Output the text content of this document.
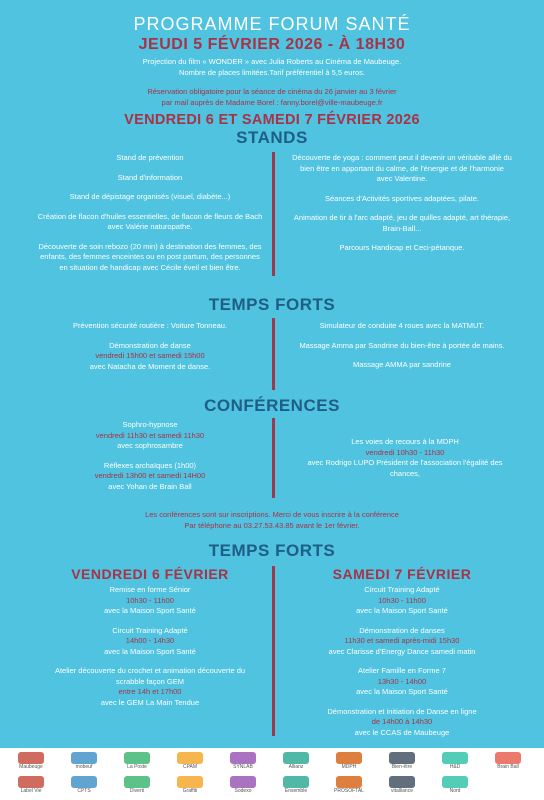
PROGRAMME FORUM SANTÉ
JEUDI 5 FÉVRIER 2026 - À 18H30
Projection du film « WONDER » avec Julia Roberts au Cinéma de Maubeuge.
Nombre de places limitées.Tarif préférentiel à 5,5 euros.
Réservation obligatoire pour la séance de cinéma du 26 janvier au 3 février
par mail auprès de Madame Borel : fanny.borel@ville-maubeuge.fr
VENDREDI 6 ET SAMEDI 7 FÉVRIER 2026
STANDS

Stand de prévention

Stand d'information

Stand de dépistage organisés (visuel, diabète...)

Création de flacon d'huiles essentielles, de flacon de fleurs de Bach avec Valérie naturopathe.

Découverte de soin rebozo (20 min) à destination des femmes, des enfants, des femmes enceintes ou en post partum, des personnes en situation de handicap avec Cécile éveil et bien être.

Découverte de yoga : comment peut il devenir un véritable allié du bien être en apportant du calme, de l'énergie et de l'harmonie avec Valentine.

Séances d'Activités sportives adaptées, pilate.

Animation de tir à l'arc adapté, jeu de quilles adapté, art thérapie, Brain-Ball...

Parcours Handicap et Ceci-pétanque.

TEMPS FORTS

Prévention sécurité routière : Voiture Tonneau.

Démonstration de danse
vendredi 15h00 et samedi 15h00
avec Natacha de Moment de danse.

Simulateur de conduite 4 roues avec la MATMUT.

Massage Amma par Sandrine du bien-être à portée de mains.

Massage AMMA par sandrine

CONFÉRENCES
Sophro-hypnose
vendredi 11h30 et samedi 11h30
avec sophrosambre
Réflexes archaïques (1h00)
vendredi 13h00 et samedi 14H00
avec Yohan de Brain Ball
Les voies de recours à la MDPH
vendredi 10h30 - 11h30
avec Rodrigo LUPO Président de l'association l'égalité des chances,
Les conférences sont sur inscriptions. Merci de vous inscrire à la conférence
Par téléphone au 03.27.53.43.85 avant le 1er février.
TEMPS FORTS
VENDREDI 6 FÉVRIER	SAMEDI 7 FÉVRIER
Remise en forme Sénior
10h30 - 11h00
avec la Maison Sport Santé
Circuit Training Adapté
14h00 - 14h30
avec la Maison Sport Santé
Atelier découverte du crochet et animation découverte du scrabble façon GEM
entre 14h et 17h00
avec le GEM La Main Tendue
Circuit Training Adapté
10h30 - 11h00
avec la Maison Sport Santé
Démonstration de danses
11h30 et samedi après-midi 15h30
avec Clarisse d'Energy Dance samedi matin
Atelier Famille en Forme 7
13h30 - 14h00
avec la Maison Sport Santé
Démonstration et initiation de Danse en ligne
de 14h00 à 14h30
avec le CCAS de Maubeuge
Maubeuge	mobeuf	La Poste	CPAM	SYNLAB	Allianz	MDPH	Bien-être	H&D	Brain Ball
Label Vie	CPTS	Diverti	Graffiti	Sodexo	Ensemble	PROSOFTAL	vitalliance	Nord
